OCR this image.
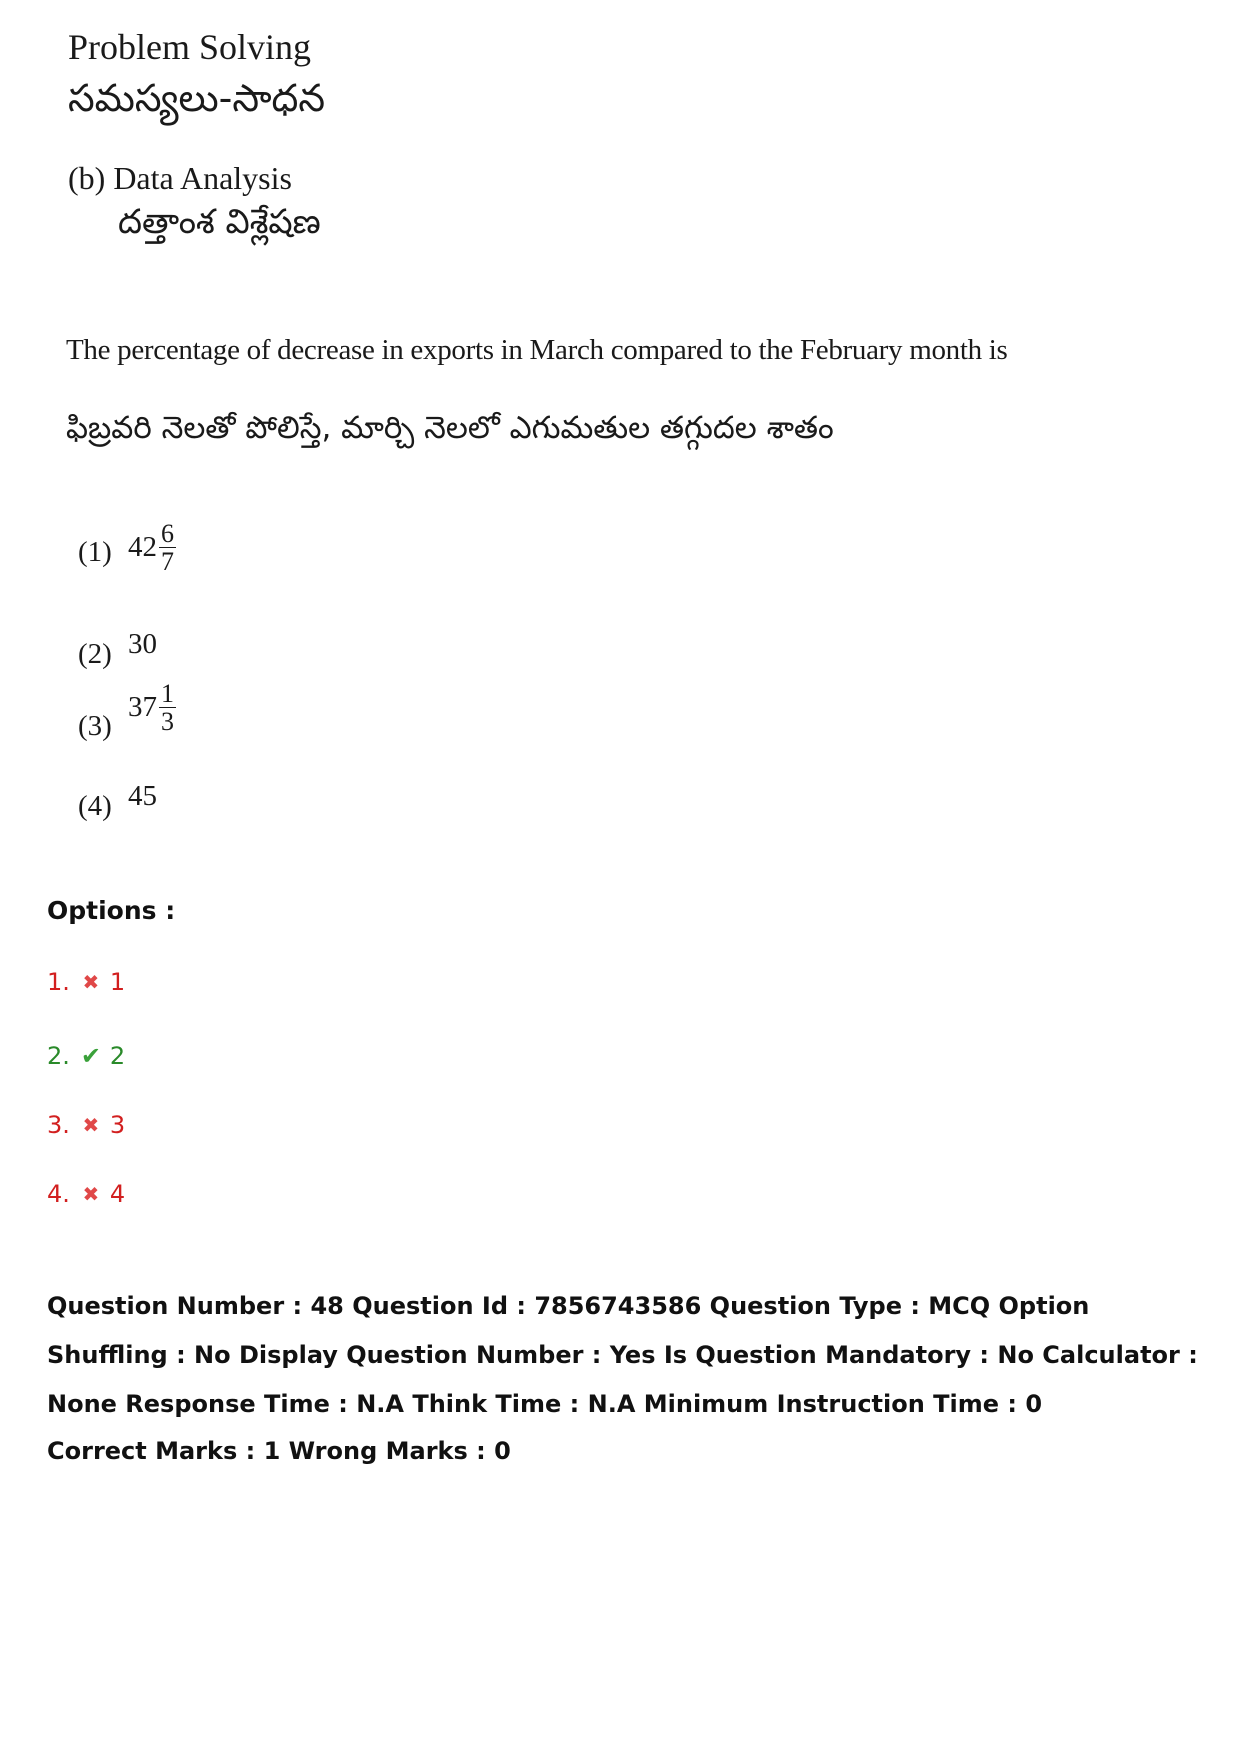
Problem Solving
సమస్యలు-సాధన
(b) Data Analysis
దత్తాంశ విశ్లేషణ
The percentage of decrease in exports in March compared to the February month is
ఫిబ్రవరి నెలతో పోలిస్తే, మార్చి నెలలో ఎగుమతుల తగ్గుదల శాతం
(1) $42 \frac{6}{7}$
(2) 30
(3)
$37 \frac{1}{3}$
(4) 45
Options :
1. ✖ 1
2. ✔ 2
3. ✖ 3
4. ✖ 4
Question Number : 48 Question Id : 7856743586 Question Type : MCQ Option Shuffling : No Display Question Number : Yes Is Question Mandatory : No Calculator : None Response Time : N.A Think Time : N.A Minimum Instruction Time : 0
Correct Marks : 1 Wrong Marks : 0
